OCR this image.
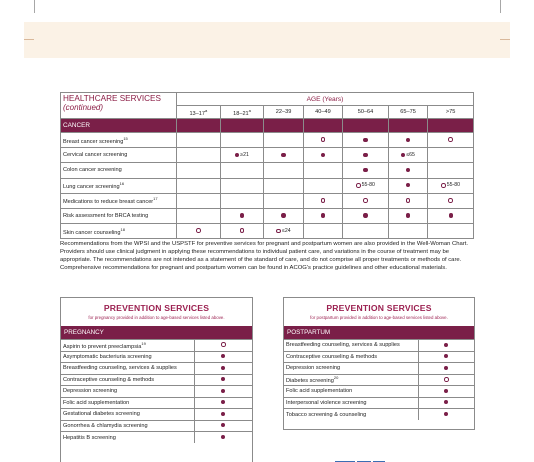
HEALTHCARE SERVICES
(continued)	AGE (Years)						
	13–17$^a$	18–21$^a$	22–39	40–49	50–64	65–75	>75
CANCER							
Breast cancer screening$^{15}$							
Cervical cancer screening		≥21				≤65	
Colon cancer screening							
Lung cancer screening$^{16}$					55-80		55-80
Medications to reduce breast cancer$^{17}$							
Risk assessment for BRCA testing							
Skin cancer counseling$^{18}$			≤24				

Recommendations from the WPSI and the USPSTF for preventive services for pregnant and postpartum women are also provided in the Well-Woman Chart. Providers should use clinical judgment in applying these recommendations to individual patient care, and variations in the course of treatment may be appropriate. The recommendations are not intended as a statement of the standard of care, and do not comprise all proper treatments or methods of care. Comprehensive recommendations for pregnant and postpartum women can be found in ACOG's practice guidelines and other educational materials.

PREVENTION SERVICES
for pregnancy provided in addition to age-based services listed above.
PREGNANCY
Aspirin to prevent preeclampsia$^{19}$	
Asymptomatic bacteriuria screening	
Breastfeeding counseling, services & supplies	
Contraceptive counseling & methods	
Depression screening	
Folic acid supplementation	
Gestational diabetes screening	
Gonorrhea & chlamydia screening	
Hepatitis B screening	
PREVENTION SERVICES
for postpartum provided in addition to age-based services listed above.
POSTPARTUM
Breastfeeding counseling, services & supplies	
Contraceptive counseling & methods	
Depression screening	
Diabetes screening$^{20}$	
Folic acid supplementation	
Interpersonal violence screening	
Tobacco screening & counseling	
